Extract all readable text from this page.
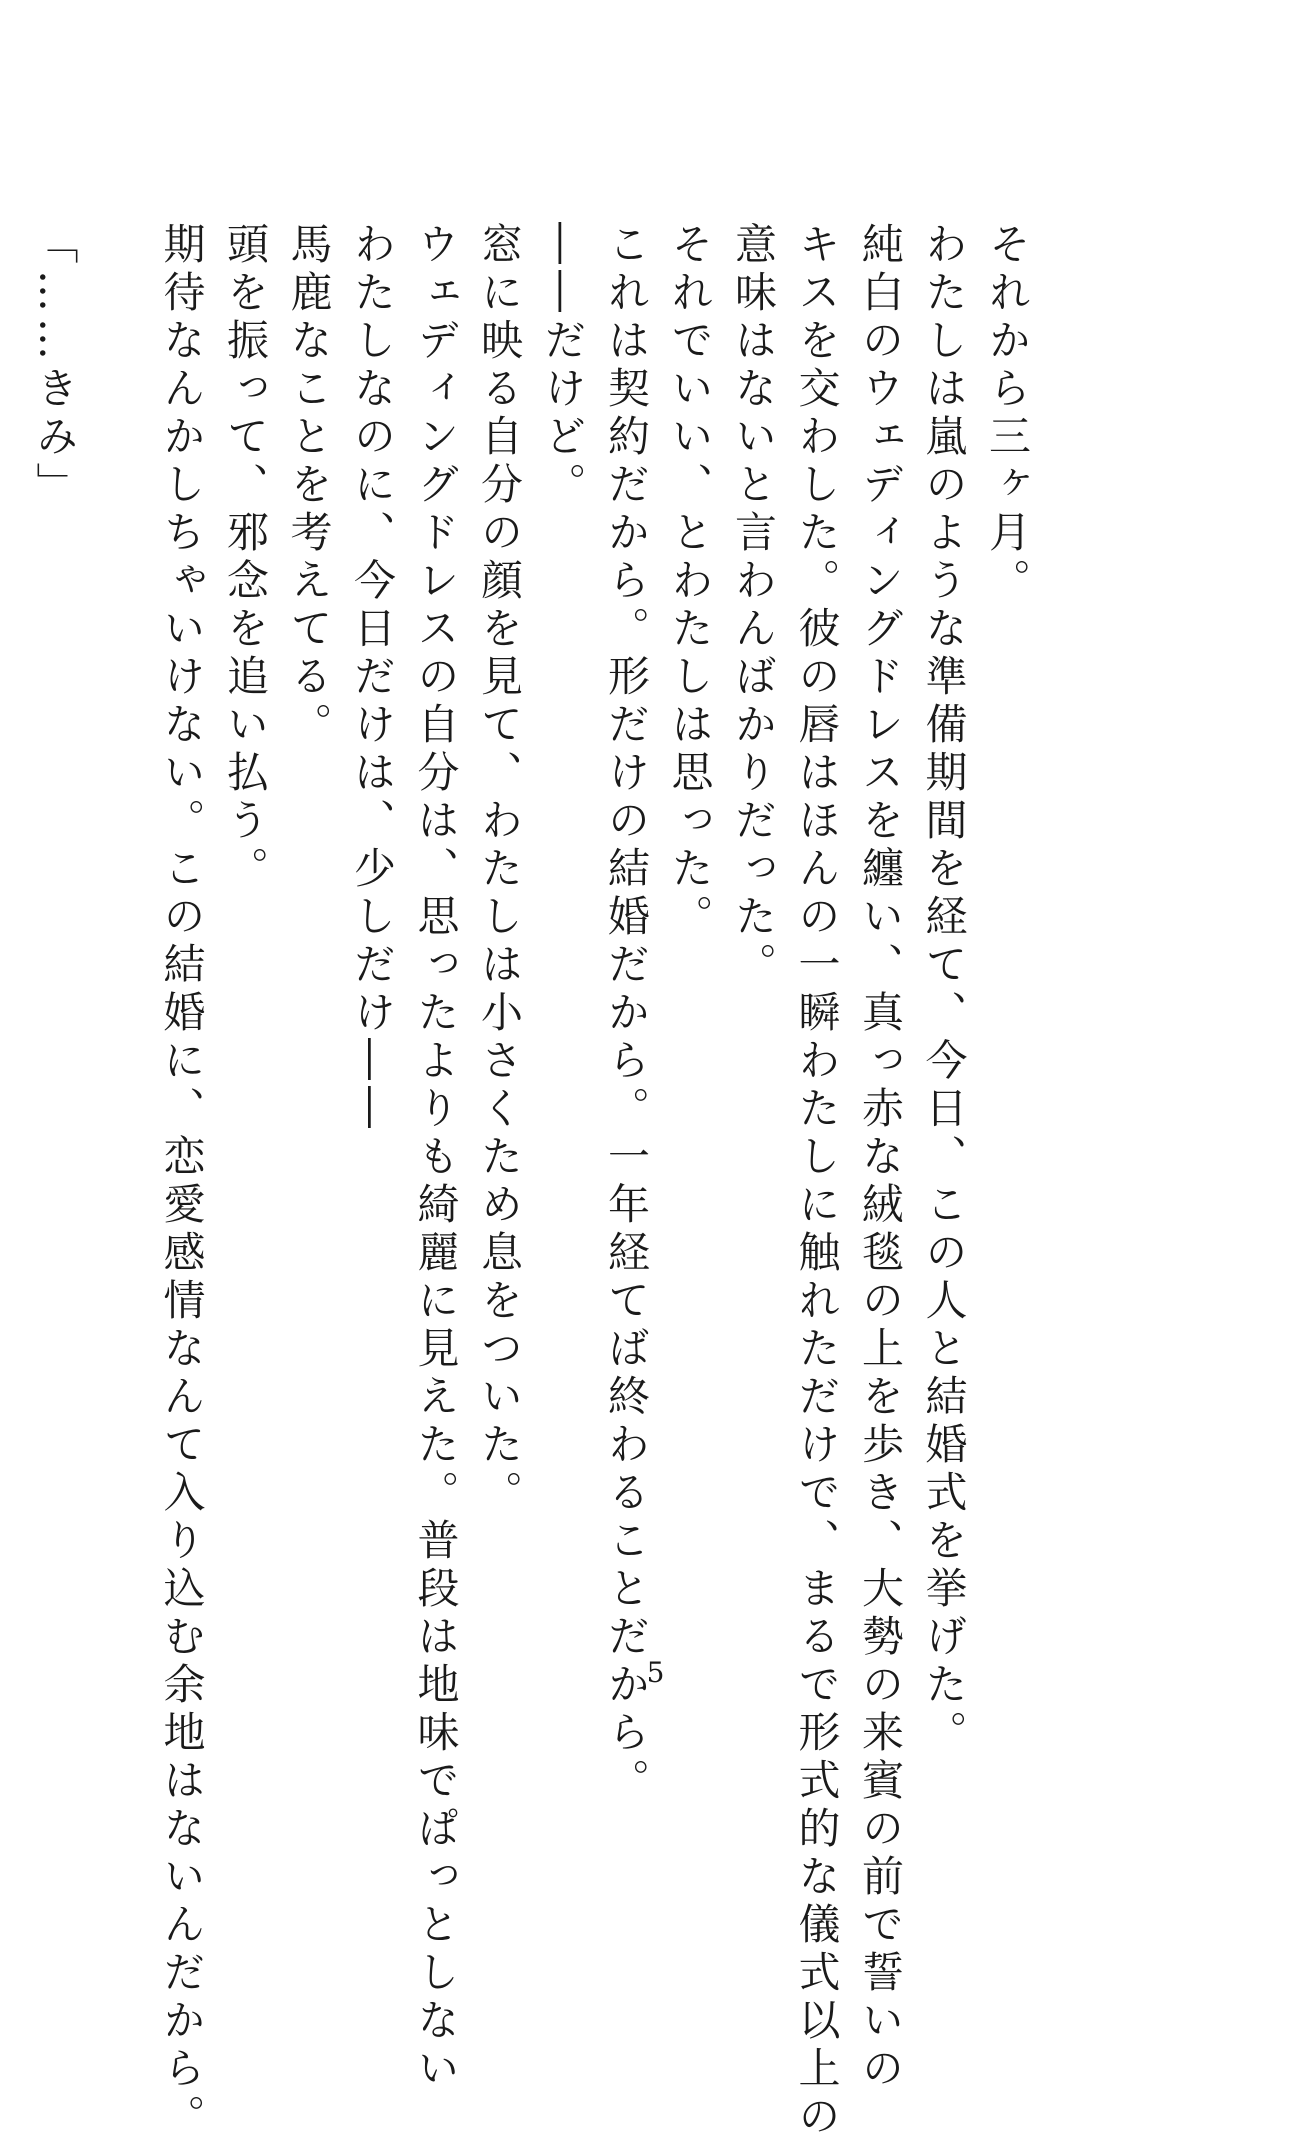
それから三ヶ月。
わたしは嵐のような準備期間を経て、今日、この人と結婚式を挙げた。
純白のウェディングドレスを纏い、真っ赤な絨毯の上を歩き、大勢の来賓の前で誓いの
キスを交わした。彼の唇はほんの一瞬わたしに触れただけで、まるで形式的な儀式以上の
意味はないと言わんばかりだった。
それでいい、とわたしは思った。
これは契約だから。形だけの結婚だから。一年経てば終わることだから。
――だけど。
窓に映る自分の顔を見て、わたしは小さくため息をついた。
ウェディングドレスの自分は、思ったよりも綺麗に見えた。普段は地味でぱっとしない
わたしなのに、今日だけは、少しだけ――
馬鹿なことを考えてる。
頭を振って、邪念を追い払う。
期待なんかしちゃいけない。この結婚に、恋愛感情なんて入り込む余地はないんだから。
「……きみ」
5
